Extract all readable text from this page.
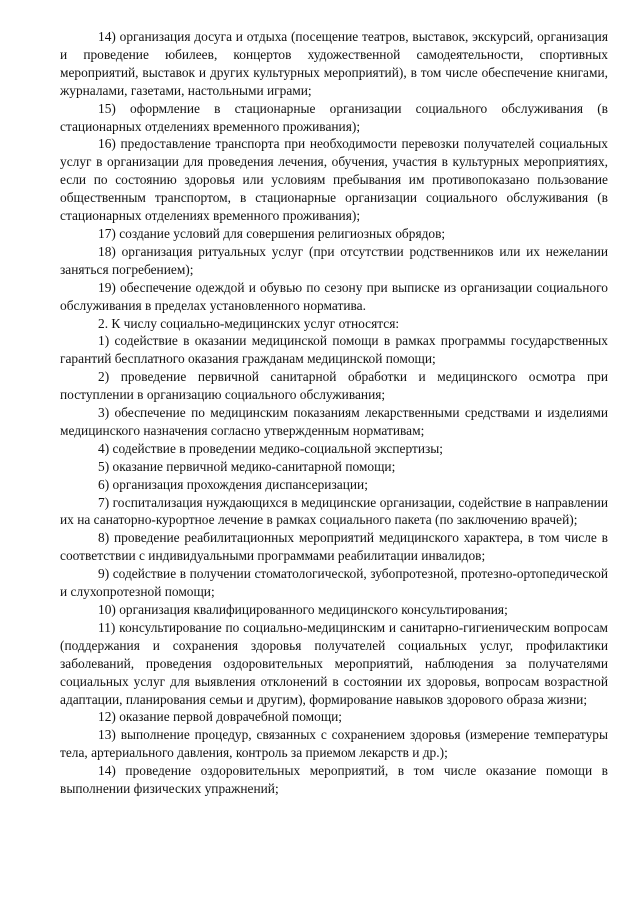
14) организация досуга и отдыха (посещение театров, выставок, экскурсий, организация и проведение юбилеев, концертов художественной самодеятельности, спортивных мероприятий, выставок и других культурных мероприятий), в том числе обеспечение книгами, журналами, газетами, настольными играми;

15) оформление в стационарные организации социального обслуживания (в стационарных отделениях временного проживания);

16) предоставление транспорта при необходимости перевозки получателей социальных услуг в организации для проведения лечения, обучения, участия в культурных мероприятиях, если по состоянию здоровья или условиям пребывания им противопоказано пользование общественным транспортом, в стационарные организации социального обслуживания (в стационарных отделениях временного проживания);

17) создание условий для совершения религиозных обрядов;

18) организация ритуальных услуг (при отсутствии родственников или их нежелании заняться погребением);

19) обеспечение одеждой и обувью по сезону при выписке из организации социального обслуживания в пределах установленного норматива.

2. К числу социально-медицинских услуг относятся:

1) содействие в оказании медицинской помощи в рамках программы государственных гарантий бесплатного оказания гражданам медицинской помощи;

2) проведение первичной санитарной обработки и медицинского осмотра при поступлении в организацию социального обслуживания;

3) обеспечение по медицинским показаниям лекарственными средствами и изделиями медицинского назначения согласно утвержденным нормативам;

4) содействие в проведении медико-социальной экспертизы;

5) оказание первичной медико-санитарной помощи;

6) организация прохождения диспансеризации;

7) госпитализация нуждающихся в медицинские организации, содействие в направлении их на санаторно-курортное лечение в рамках социального пакета (по заключению врачей);

8) проведение реабилитационных мероприятий медицинского характера, в том числе в соответствии с индивидуальными программами реабилитации инвалидов;

9) содействие в получении стоматологической, зубопротезной, протезно-ортопедической и слухопротезной помощи;

10) организация квалифицированного медицинского консультирования;

11) консультирование по социально-медицинским и санитарно-гигиеническим вопросам (поддержания и сохранения здоровья получателей социальных услуг, профилактики заболеваний, проведения оздоровительных мероприятий, наблюдения за получателями социальных услуг для выявления отклонений в состоянии их здоровья, вопросам возрастной адаптации, планирования семьи и другим), формирование навыков здорового образа жизни;

12) оказание первой доврачебной помощи;

13) выполнение процедур, связанных с сохранением здоровья (измерение температуры тела, артериального давления, контроль за приемом лекарств и др.);

14) проведение оздоровительных мероприятий, в том числе оказание помощи в выполнении физических упражнений;
